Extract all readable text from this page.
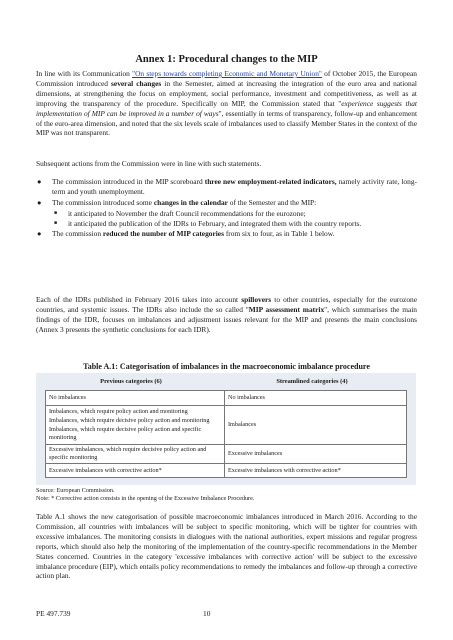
Annex 1: Procedural changes to the MIP

In line with its Communication "On steps towards completing Economic and Monetary Union" of October 2015, the European Commission introduced several changes in the Semester, aimed at increasing the integration of the euro area and national dimensions, at strengthening the focus on employment, social performance, investment and competitiveness, as well as at improving the transparency of the procedure. Specifically on MIP, the Commission stated that "experience suggests that implementation of MIP can be improved in a number of ways", essentially in terms of transparency, follow-up and enhancement of the euro-area dimension, and noted that the six levels scale of imbalances used to classify Member States in the context of the MIP was not transparent.

Subsequent actions from the Commission were in line with such statements.

● The commission introduced in the MIP scoreboard three new employment-related indicators, namely activity rate, long-term and youth unemployment.
● The commission introduced some changes in the calendar of the Semester and the MIP:
■ it anticipated to November the draft Council recommendations for the eurozone;
■ it anticipated the publication of the IDRs to February, and integrated them with the country reports.
● The commission reduced the number of MIP categories from six to four, as in Table 1 below.

Each of the IDRs published in February 2016 takes into account spillovers to other countries, especially for the eurozone countries, and systemic issues. The IDRs also include the so called "MIP assessment matrix", which summarises the main findings of the IDR, focuses on imbalances and adjustment issues relevant for the MIP and presents the main conclusions (Annex 3 presents the synthetic conclusions for each IDR).

Table A.1: Categorisation of imbalances in the macroeconomic imbalance procedure

Previous categories (6)	Streamlined categories (4)
No imbalances	No imbalances

Imbalances, which require policy action and monitoring
Imbalances, which require decisive policy action and monitoring
Imbalances, which require decisive policy action and specific monitoring	Imbalances
Excessive imbalances, which require decisive policy action and specific monitoring	Excessive imbalances
Excessive imbalances with corrective action*	Excessive imbalances with corrective action*

Source: European Commission.

Note: * Corrective action consists in the opening of the Excessive Imbalance Procedure.

Table A.1 shows the new categorisation of possible macroeconomic imbalances introduced in March 2016. According to the Commission, all countries with imbalances will be subject to specific monitoring, which will be tighter for countries with excessive imbalances. The monitoring consists in dialogues with the national authorities, expert missions and regular progress reports, which should also help the monitoring of the implementation of the country-specific recommendations in the Member States concerned. Countries in the category 'excessive imbalances with corrective action' will be subject to the excessive imbalance procedure (EIP), which entails policy recommendations to remedy the imbalances and follow-up through a corrective action plan.

PE 497.739	10
